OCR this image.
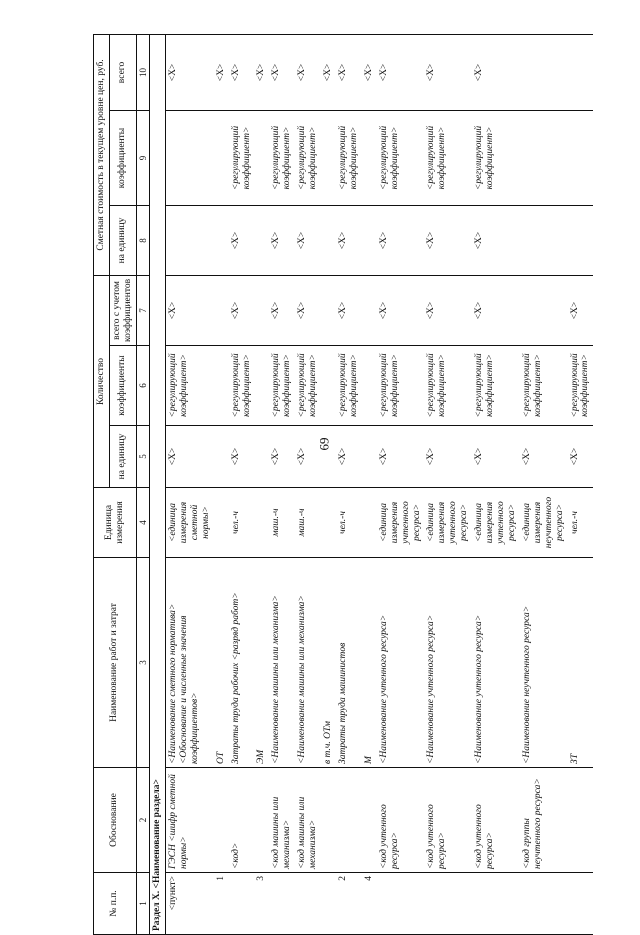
69
№ п.п.	Обоснование	Наименование работ и затрат	Единица измерения	Количество			Сметная стоимость в текущем уровне цен, руб.		
				на единицу	коэффициенты	всего с учетом коэффициентов	на единицу	коэффициенты	всего
1	2	3	4	5	6	7	8	9	10
Раздел Х. <Наименование раздела>									
<пункт>	ГЭСН <шифр сметной нормы>	<Наименование сметного норматива> <Обоснование и численные значения коэффициентов>	<единица измерения сметной нормы>	<X>	<регулирующий коэффициент>	<X>			<X>
1		ОТ							<X>
	<код>	Затраты труда рабочих <разряд работ>	чел.-ч	<X>	<регулирующий коэффициент>	<X>	<X>	<регулирующий коэффициент>	<X>
3		ЭМ							<X>
	<код машины или механизма>	<Наименование машины или механизма>	маш.-ч	<X>	<регулирующий коэффициент>	<X>	<X>	<регулирующий коэффициент>	<X>
	<код машины или механизма>	<Наименование машины или механизма>	маш.-ч	<X>	<регулирующий коэффициент>	<X>	<X>	<регулирующий коэффициент>	<X>
		в т.ч. ОТм							<X>
2		Затраты труда машинистов	чел.-ч	<X>	<регулирующий коэффициент>	<X>	<X>	<регулирующий коэффициент>	<X>
4		М							<X>
	<код учтенного ресурса>	<Наименование учтенного ресурса>	<единица измерения учтенного ресурса>	<X>	<регулирующий коэффициент>	<X>	<X>	<регулирующий коэффициент>	<X>
	<код учтенного ресурса>	<Наименование учтенного ресурса>	<единица измерения учтенного ресурса>	<X>	<регулирующий коэффициент>	<X>	<X>	<регулирующий коэффициент>	<X>
	<код учтенного ресурса>	<Наименование учтенного ресурса>	<единица измерения учтенного ресурса>	<X>	<регулирующий коэффициент>	<X>	<X>	<регулирующий коэффициент>	<X>
	<код группы неучтенного ресурса>	<Наименование неучтенного ресурса>	<единица измерения неучтенного ресурса>	<X>	<регулирующий коэффициент>				
		ЗТ	чел.-ч	<X>	<регулирующий коэффициент>	<X>			
